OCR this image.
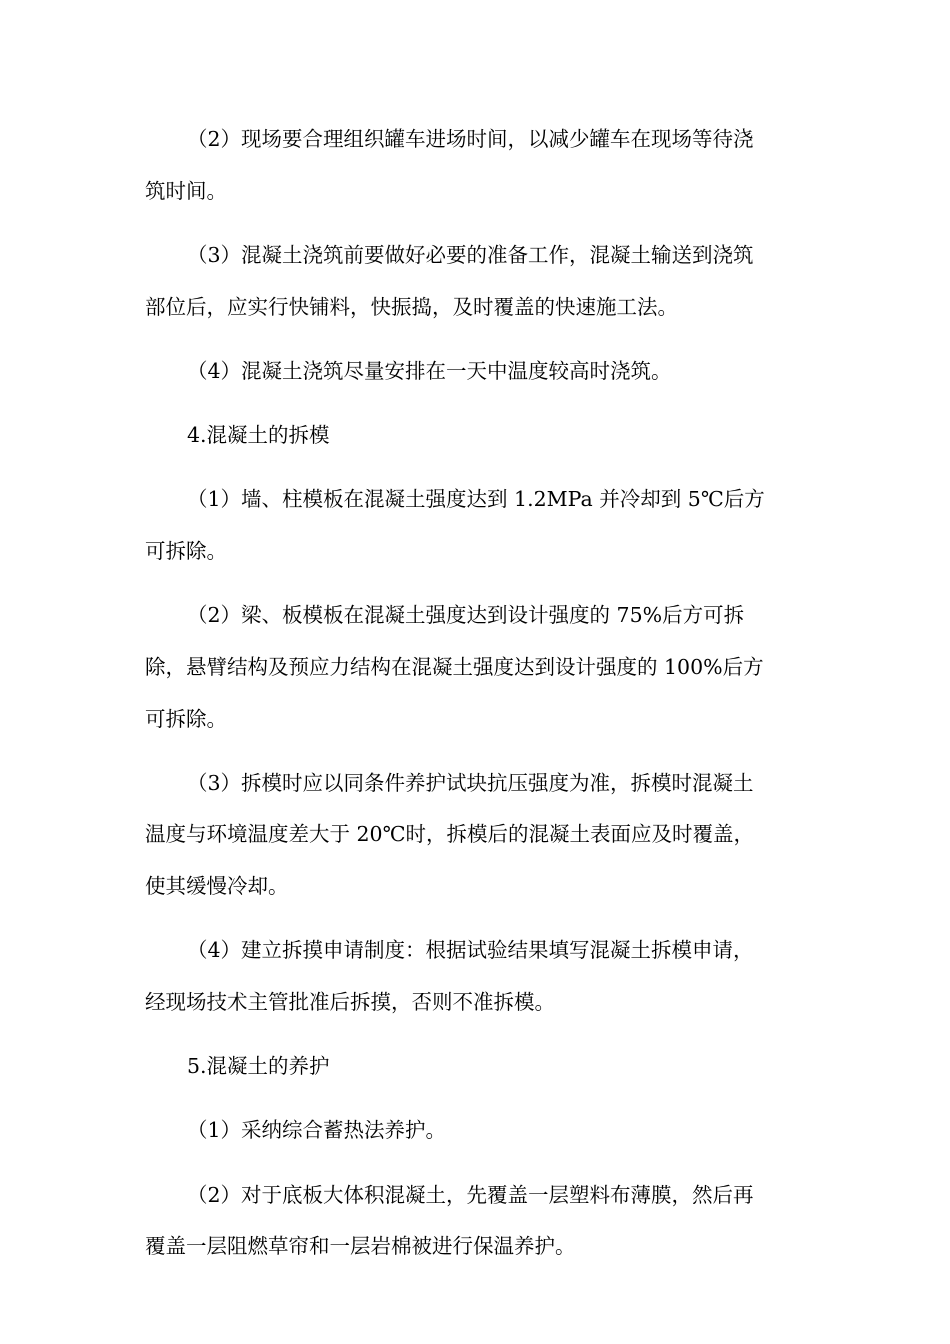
（2）现场要合理组织罐车进场时间，以减少罐车在现场等待浇
筑时间。

（3）混凝土浇筑前要做好必要的准备工作，混凝土输送到浇筑
部位后，应实行快铺料，快振捣，及时覆盖的快速施工法。

（4）混凝土浇筑尽量安排在一天中温度较高时浇筑。

4.混凝土的拆模

（1）墙、柱模板在混凝土强度达到 1.2MPa 并冷却到 5℃后方
可拆除。

（2）梁、板模板在混凝土强度达到设计强度的 75%后方可拆
除，悬臂结构及预应力结构在混凝土强度达到设计强度的 100%后方
可拆除。

（3）拆模时应以同条件养护试块抗压强度为准，拆模时混凝土
温度与环境温度差大于 20℃时，拆模后的混凝土表面应及时覆盖，
使其缓慢冷却。

（4）建立拆摸申请制度：根据试验结果填写混凝土拆模申请，
经现场技术主管批准后拆摸，否则不准拆模。

5.混凝土的养护

（1）采纳综合蓄热法养护。

（2）对于底板大体积混凝土，先覆盖一层塑料布薄膜，然后再
覆盖一层阻燃草帘和一层岩棉被进行保温养护。
